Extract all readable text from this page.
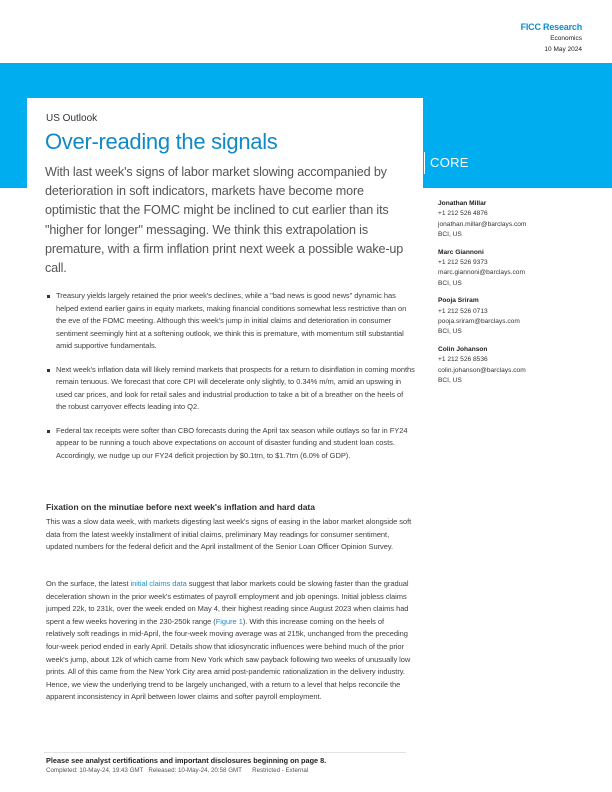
FICC Research
Economics
10 May 2024
CORE
US Outlook
Over-reading the signals

With last week's signs of labor market slowing accompanied by deterioration in soft indicators, markets have become more optimistic that the FOMC might be inclined to cut earlier than its "higher for longer" messaging. We think this extrapolation is premature, with a firm inflation print next week a possible wake-up call.

Treasury yields largely retained the prior week's declines, while a "bad news is good news" dynamic has helped extend earlier gains in equity markets, making financial conditions somewhat less restrictive than on the eve of the FOMC meeting. Although this week's jump in initial claims and deterioration in consumer sentiment seemingly hint at a softening outlook, we think this is premature, with momentum still substantial amid supportive fundamentals.
Next week's inflation data will likely remind markets that prospects for a return to disinflation in coming months remain tenuous. We forecast that core CPI will decelerate only slightly, to 0.34% m/m, amid an upswing in used car prices, and look for retail sales and industrial production to take a bit of a breather on the heels of the robust carryover effects leading into Q2.
Federal tax receipts were softer than CBO forecasts during the April tax season while outlays so far in FY24 appear to be running a touch above expectations on account of disaster funding and student loan costs. Accordingly, we nudge up our FY24 deficit projection by $0.1trn, to $1.7trn (6.0% of GDP).
Fixation on the minutiae before next week's inflation and hard data

This was a slow data week, with markets digesting last week's signs of easing in the labor market alongside soft data from the latest weekly installment of initial claims, preliminary May readings for consumer sentiment, updated numbers for the federal deficit and the April installment of the Senior Loan Officer Opinion Survey.

On the surface, the latest initial claims data suggest that labor markets could be slowing faster than the gradual deceleration shown in the prior week's estimates of payroll employment and job openings. Initial jobless claims jumped 22k, to 231k, over the week ended on May 4, their highest reading since August 2023 when claims had spent a few weeks hovering in the 230-250k range (Figure 1). With this increase coming on the heels of relatively soft readings in mid-April, the four-week moving average was at 215k, unchanged from the preceding four-week period ended in early April. Details show that idiosyncratic influences were behind much of the prior week's jump, about 12k of which came from New York which saw payback following two weeks of unusually low prints. All of this came from the New York City area amid post-pandemic rationalization in the delivery industry. Hence, we view the underlying trend to be largely unchanged, with a return to a level that helps reconcile the apparent inconsistency in April between lower claims and softer payroll employment.

Please see analyst certifications and important disclosures beginning on page 8.
Completed: 10-May-24, 19:43 GMT Released: 10-May-24, 20:58 GMT Restricted - External
Jonathan Millar
+1 212 526 4876
jonathan.millar@barclays.com
BCI, US
Marc Giannoni
+1 212 526 9373
marc.giannoni@barclays.com
BCI, US
Pooja Sriram
+1 212 526 0713
pooja.sriram@barclays.com
BCI, US
Colin Johanson
+1 212 526 8536
colin.johanson@barclays.com
BCI, US
